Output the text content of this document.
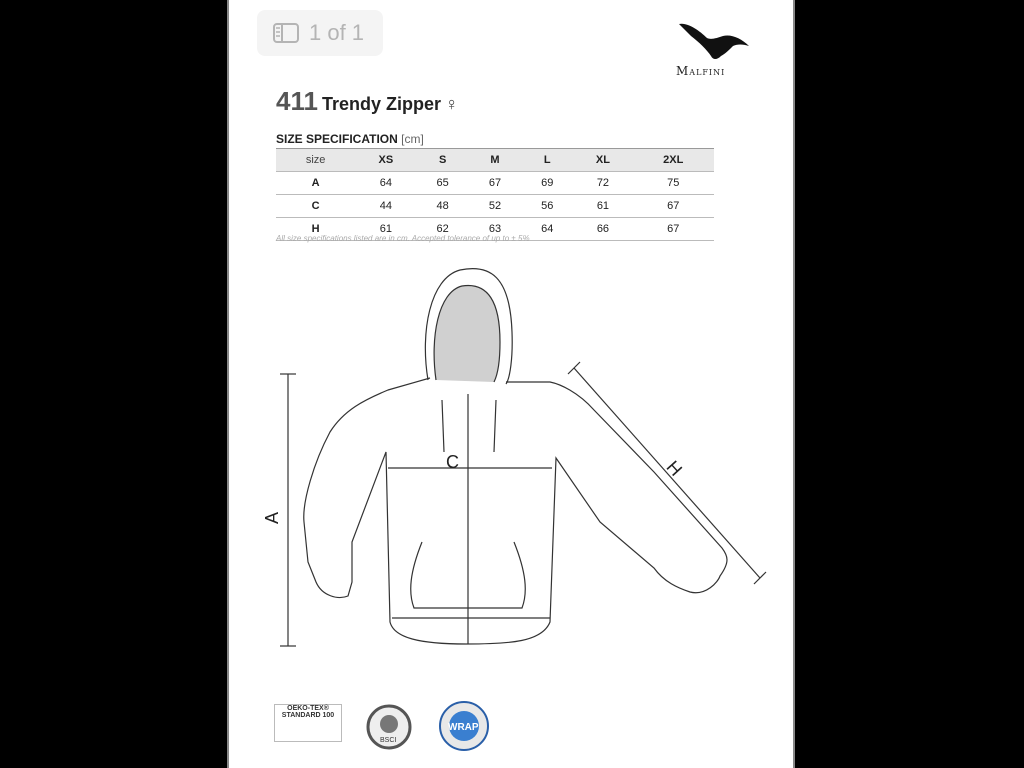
1 of 1
Malfini
411 Trendy Zipper ♀
SIZE SPECIFICATION [cm]
size	XS	S	M	L	XL	2XL
A	64	65	67	69	72	75
C	44	48	52	56	61	67
H	61	62	63	64	66	67
All size specifications listed are in cm. Accepted tolerance of up to ± 5%
A
C	H
OEKO-TEX®
STANDARD 100
BSCI
WRAP
